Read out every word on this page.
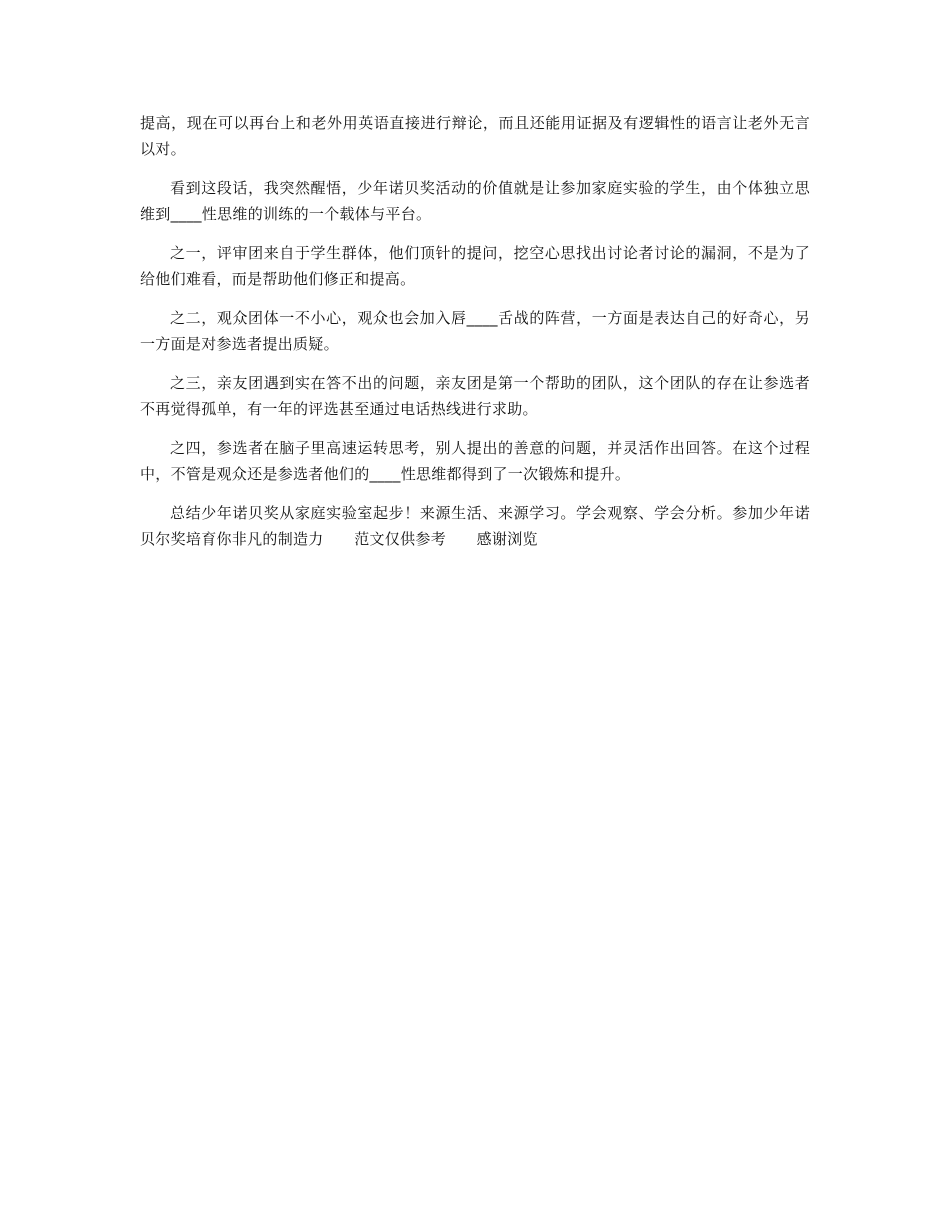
提高，现在可以再台上和老外用英语直接进行辩论，而且还能用证据及有逻辑性的语言让老外无言以对。

看到这段话，我突然醒悟，少年诺贝奖活动的价值就是让参加家庭实验的学生，由个体独立思维到____性思维的训练的一个载体与平台。

之一，评审团来自于学生群体，他们顶针的提问，挖空心思找出讨论者讨论的漏洞，不是为了给他们难看，而是帮助他们修正和提高。

之二，观众团体一不小心，观众也会加入唇____舌战的阵营，一方面是表达自己的好奇心，另一方面是对参选者提出质疑。

之三，亲友团遇到实在答不出的问题，亲友团是第一个帮助的团队，这个团队的存在让参选者不再觉得孤单，有一年的评选甚至通过电话热线进行求助。

之四，参选者在脑子里高速运转思考，别人提出的善意的问题，并灵活作出回答。在这个过程中，不管是观众还是参选者他们的____性思维都得到了一次锻炼和提升。

总结少年诺贝奖从家庭实验室起步！来源生活、来源学习。学会观察、学会分析。参加少年诺贝尔奖培育你非凡的制造力　　范文仅供参考　　感谢浏览
